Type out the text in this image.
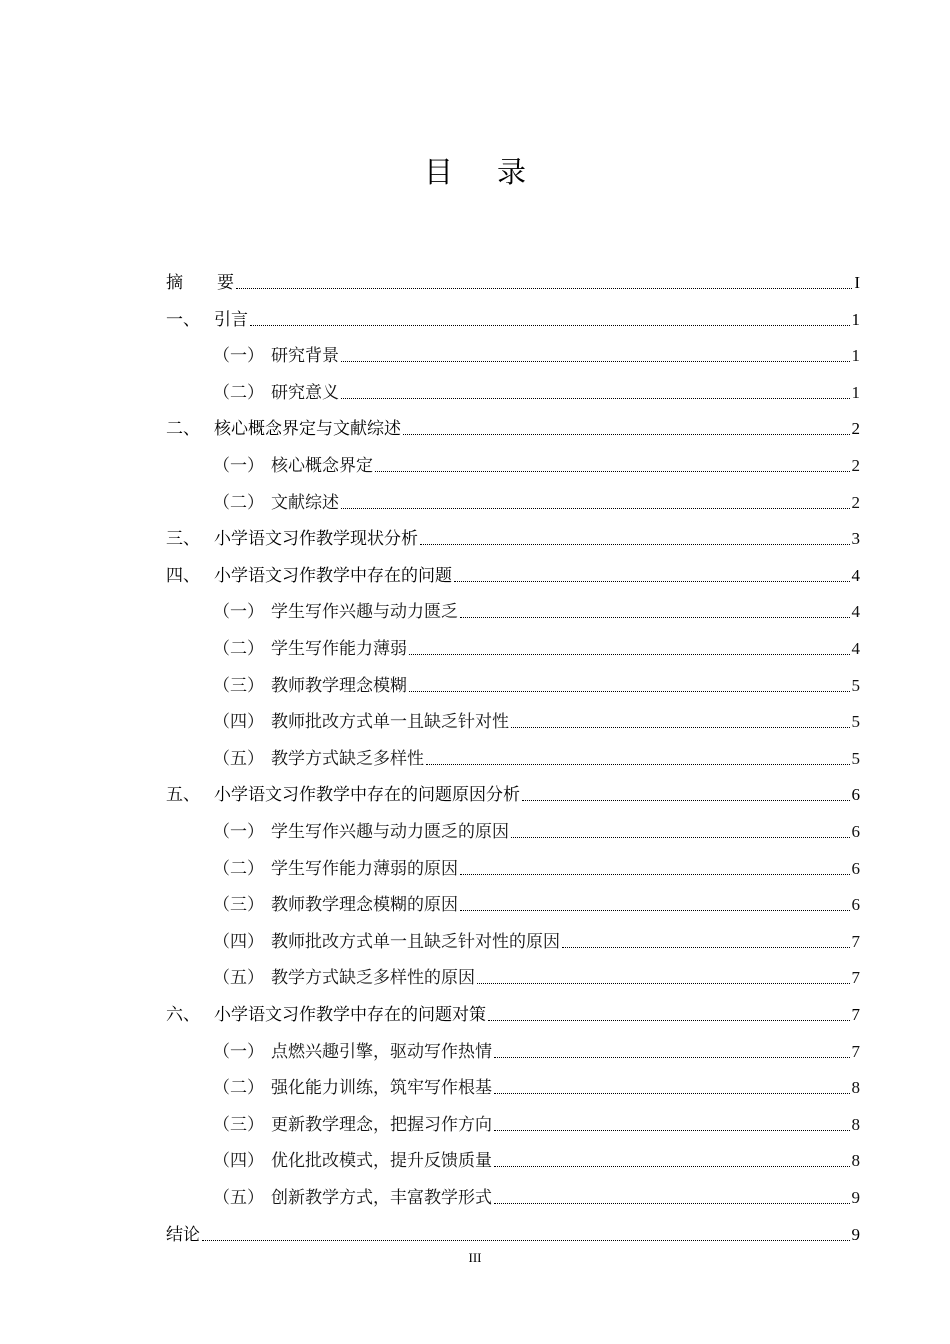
目 录
摘　　要	I
一、 引言	1
（一） 研究背景	1
（二） 研究意义	1
二、 核心概念界定与文献综述	2
（一） 核心概念界定	2
（二） 文献综述	2
三、 小学语文习作教学现状分析	3
四、 小学语文习作教学中存在的问题	4
（一） 学生写作兴趣与动力匮乏	4
（二） 学生写作能力薄弱	4
（三） 教师教学理念模糊	5
（四） 教师批改方式单一且缺乏针对性	5
（五） 教学方式缺乏多样性	5
五、 小学语文习作教学中存在的问题原因分析	6
（一） 学生写作兴趣与动力匮乏的原因	6
（二） 学生写作能力薄弱的原因	6
（三） 教师教学理念模糊的原因	6
（四） 教师批改方式单一且缺乏针对性的原因	7
（五） 教学方式缺乏多样性的原因	7
六、 小学语文习作教学中存在的问题对策	7
（一） 点燃兴趣引擎，驱动写作热情	7
（二） 强化能力训练，筑牢写作根基	8
（三） 更新教学理念，把握习作方向	8
（四） 优化批改模式，提升反馈质量	8
（五） 创新教学方式，丰富教学形式	9
结论	9
III
